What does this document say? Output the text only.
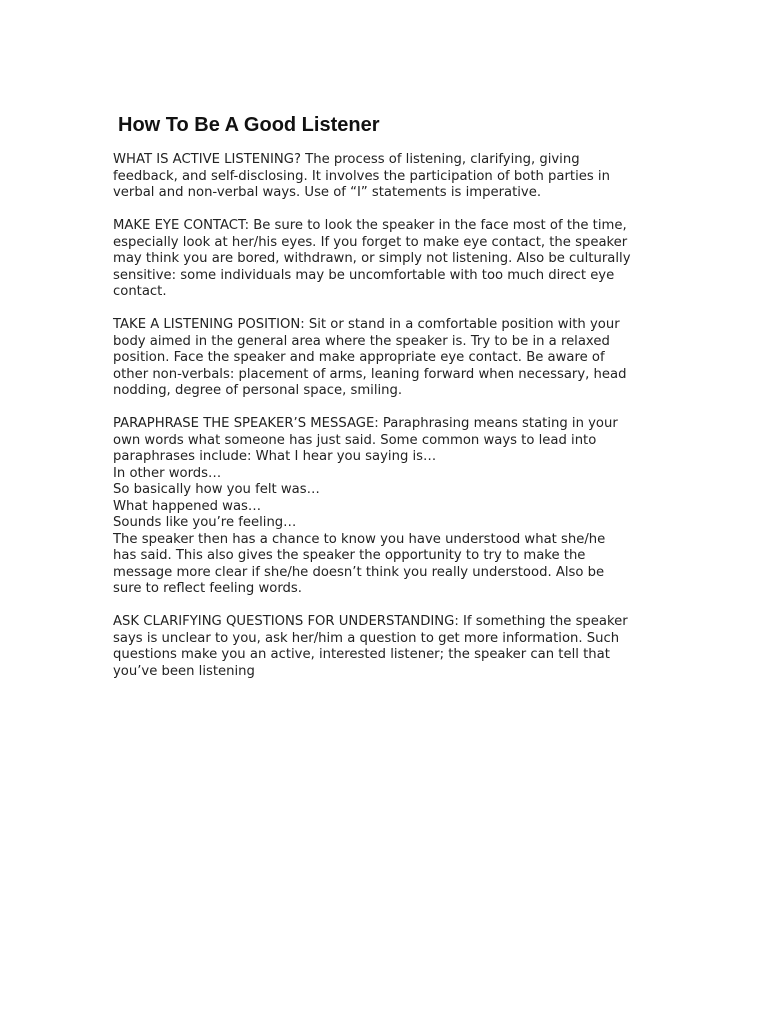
How To Be A Good Listener

WHAT IS ACTIVE LISTENING? The process of listening, clarifying, giving
feedback, and self-disclosing. It involves the participation of both parties in
verbal and non-verbal ways. Use of “I” statements is imperative.

MAKE EYE CONTACT: Be sure to look the speaker in the face most of the time,
especially look at her/his eyes. If you forget to make eye contact, the speaker
may think you are bored, withdrawn, or simply not listening. Also be culturally
sensitive: some individuals may be uncomfortable with too much direct eye
contact.

TAKE A LISTENING POSITION: Sit or stand in a comfortable position with your
body aimed in the general area where the speaker is. Try to be in a relaxed
position. Face the speaker and make appropriate eye contact. Be aware of
other non-verbals: placement of arms, leaning forward when necessary, head
nodding, degree of personal space, smiling.

PARAPHRASE THE SPEAKER’S MESSAGE: Paraphrasing means stating in your
own words what someone has just said. Some common ways to lead into
paraphrases include: What I hear you saying is…
In other words…
So basically how you felt was…
What happened was…
Sounds like you’re feeling…
The speaker then has a chance to know you have understood what she/he
has said. This also gives the speaker the opportunity to try to make the
message more clear if she/he doesn’t think you really understood. Also be
sure to reflect feeling words.

ASK CLARIFYING QUESTIONS FOR UNDERSTANDING: If something the speaker
says is unclear to you, ask her/him a question to get more information. Such
questions make you an active, interested listener; the speaker can tell that
you’ve been listening
